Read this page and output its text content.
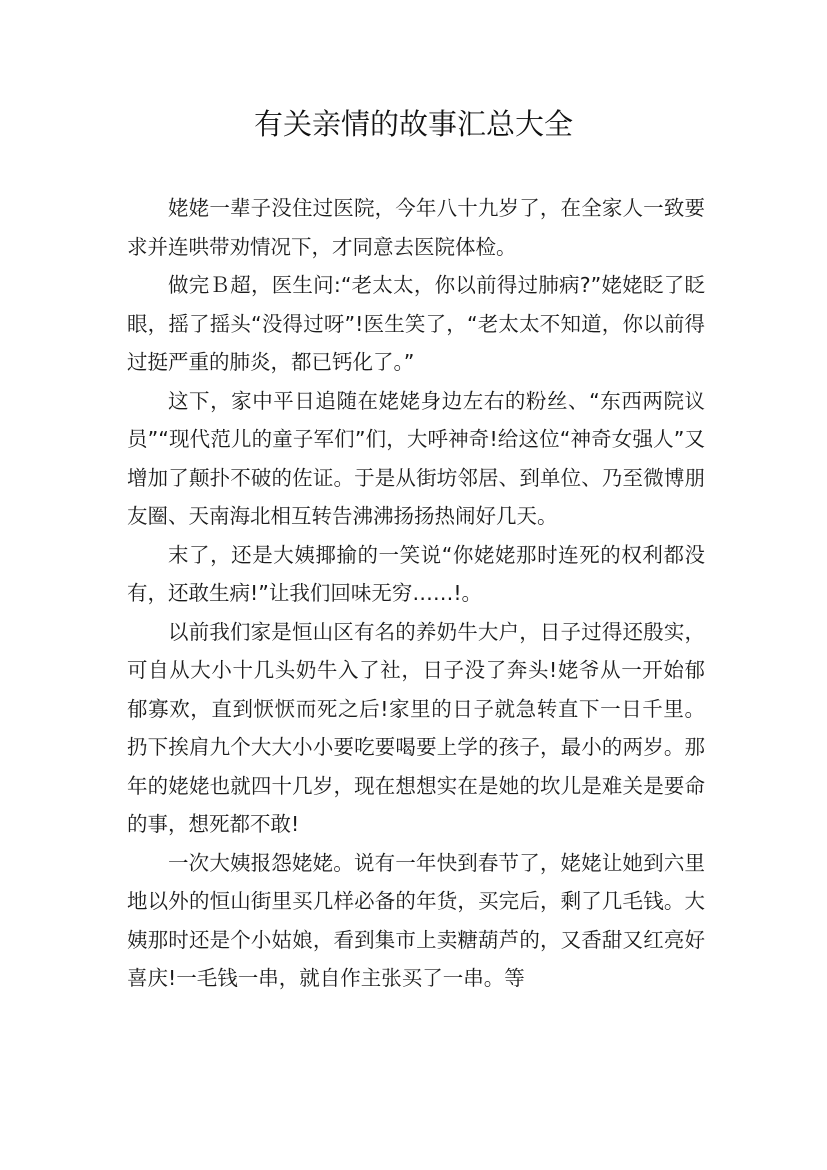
有关亲情的故事汇总大全

姥姥一辈子没住过医院，今年八十九岁了，在全家人一致要求并连哄带劝情况下，才同意去医院体检。

做完Ｂ超，医生问:“老太太，你以前得过肺病?”姥姥眨了眨眼，摇了摇头“没得过呀”!医生笑了，“老太太不知道，你以前得过挺严重的肺炎，都已钙化了。”

这下，家中平日追随在姥姥身边左右的粉丝、“东西两院议员”“现代范儿的童子军们”们，大呼神奇!给这位“神奇女强人”又增加了颠扑不破的佐证。于是从街坊邻居、到单位、乃至微博朋友圈、天南海北相互转告沸沸扬扬热闹好几天。

末了，还是大姨揶揄的一笑说“你姥姥那时连死的权利都没有，还敢生病!”让我们回味无穷……!。

以前我们家是恒山区有名的养奶牛大户，日子过得还殷实，可自从大小十几头奶牛入了社，日子没了奔头!姥爷从一开始郁郁寡欢，直到恹恹而死之后!家里的日子就急转直下一日千里。扔下挨肩九个大大小小要吃要喝要上学的孩子，最小的两岁。那年的姥姥也就四十几岁，现在想想实在是她的坎儿是难关是要命的事，想死都不敢!

一次大姨报怨姥姥。说有一年快到春节了，姥姥让她到六里地以外的恒山街里买几样必备的年货，买完后，剩了几毛钱。大姨那时还是个小姑娘，看到集市上卖糖葫芦的，又香甜又红亮好喜庆!一毛钱一串，就自作主张买了一串。等
